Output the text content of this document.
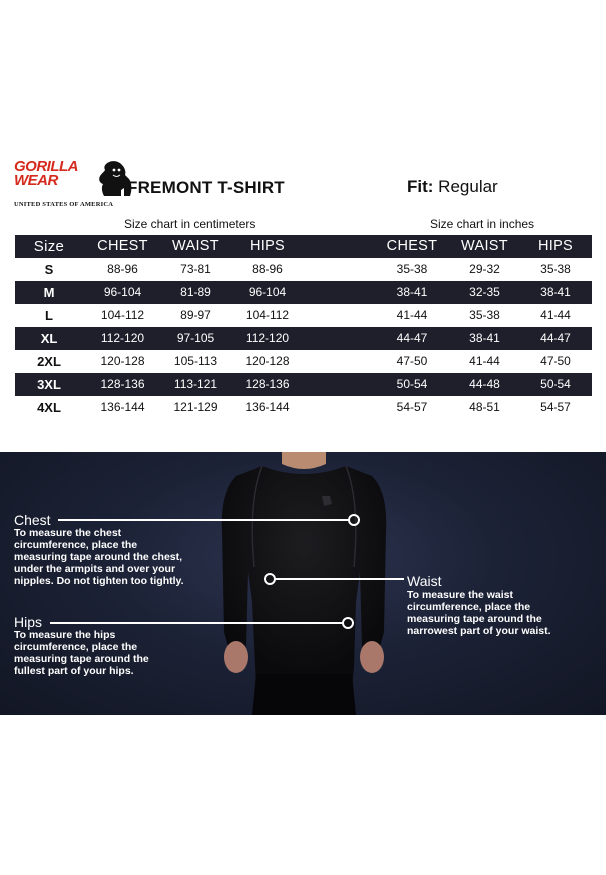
GORILLA
WEAR
UNITED STATES OF AMERICA
FREMONT T-SHIRT	Fit: Regular
Size chart in centimeters	Size chart in inches
Size	CHEST	WAIST	HIPS	CHEST	WAIST	HIPS
S	88-96	73-81	88-96	35-38	29-32	35-38
M	96-104	81-89	96-104	38-41	32-35	38-41
L	104-112	89-97	104-112	41-44	35-38	41-44
XL	112-120	97-105	112-120	44-47	38-41	44-47
2XL	120-128	105-113	120-128	47-50	41-44	47-50
3XL	128-136	113-121	128-136	50-54	44-48	50-54
4XL	136-144	121-129	136-144	54-57	48-51	54-57
Chest
To measure the chest
circumference, place the
measuring tape around the chest,
under the armpits and over your
nipples. Do not tighten too tightly.	Waist
To measure the waist
circumference, place the
measuring tape around the
narrowest part of your waist.
Hips
To measure the hips
circumference, place the
measuring tape around the
fullest part of your hips.
